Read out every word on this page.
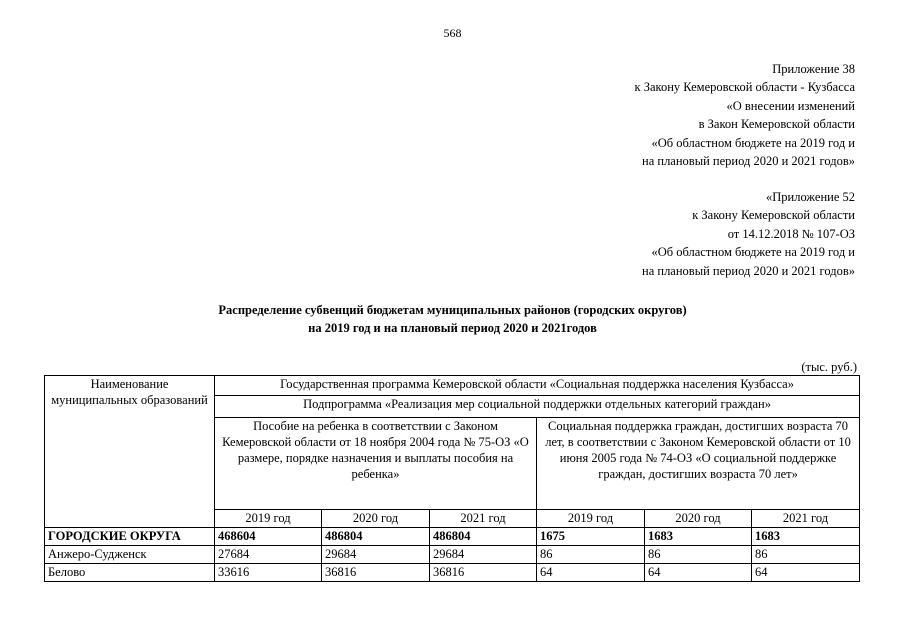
568
Приложение 38
к Закону Кемеровской области - Кузбасса
«О внесении изменений
в Закон Кемеровской области
«Об областном бюджете на 2019 год и
на плановый период 2020 и 2021 годов»
«Приложение 52
к Закону Кемеровской области
от 14.12.2018 № 107-ОЗ
«Об областном бюджете на 2019 год и
на плановый период 2020 и 2021 годов»
Распределение субвенций бюджетам муниципальных районов (городских округов)
на 2019 год и на плановый период 2020 и 2021годов
(тыс. руб.)
Наименование муниципальных образований	Государственная программа Кемеровской области «Социальная поддержка населения Кузбасса»					
	Подпрограмма «Реализация мер социальной поддержки отдельных категорий граждан»					
	Пособие на ребенка в соответствии с Законом Кемеровской области от 18 ноября 2004 года № 75-ОЗ «О размере, порядке назначения и выплаты пособия на ребенка»			Социальная поддержка граждан, достигших возраста 70 лет, в соответствии с Законом Кемеровской области от 10 июня 2005 года № 74-ОЗ «О социальной поддержке граждан, достигших возраста 70 лет»		
	2019 год	2020 год	2021 год	2019 год	2020 год	2021 год
ГОРОДСКИЕ ОКРУГА	468604	486804	486804	1675	1683	1683
Анжеро-Судженск	27684	29684	29684	86	86	86
Белово	33616	36816	36816	64	64	64
